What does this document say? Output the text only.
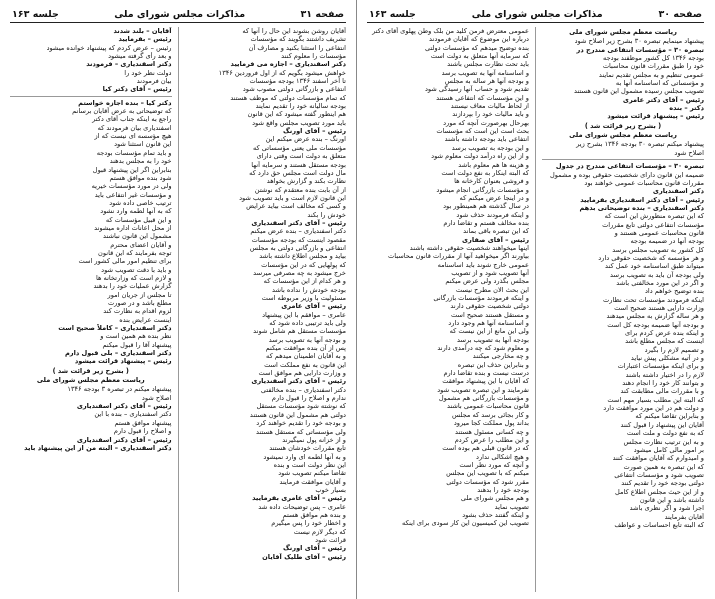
صفحه ۳۱
مذاکرات مجلس شورای ملی
جلسه ۱۶۳
آقایان روشن بشوند این حال را آنها که
تشریف داشتند بگویند که مؤسسات
انتفاعی را استثنا بکنید و مصارف آن
مؤسسات را معلوم کنند
دکتر اسفندیاری – اجازه می فرمایید
خواهش میشود بگویم که از اول فروردین ۱۳۴۶
تا آخر اسفند ۱۳۴۶ بودجه مؤسسات
انتفاعی و بازرگانی دولتی مصوب شود
که تمام مؤسسات دولتی که موظف هستند
بودجه سالیانه خود را تقدیم نمایند
هم اینطور گفته میشود که این قانون
باید مورد تصویب مجلس واقع شود
رئیس – آقای اورنگ
اورنگ – بنده عرض میکنم این
مؤسسات ملی یعنی مؤسساتی که
متعلق به دولت است وقتی دارای
بودجه مستقل هستند و سرمایه آنها
مال دولت است مجلس حق دارد که
نظارت بکند و گزارش بخواهد
از آن بابت بنده معتقدم که نوشتن
این قانون لازم است و باید تصویب شود
و کسی که مخالف است بیاید عرایض
خودش را بکند
رئیس – آقای دکتر اسفندیاری
دکتر اسفندیاری – بنده عرض میکنم
مقصود اینست که بودجه مؤسسات
انتفاعی و بازرگانی دولتی به مجلس
بیاید و مجلس اطلاع داشته باشد
که پولهایی که در این مؤسسات
خرج میشود به چه مصرفی میرسد
و هر کدام از این مؤسسات که
بودجه خودش را نداده باشد
مسئولیت با وزیر مربوطه است
رئیس – آقای عامری
عامری – موافقم با این پیشنهاد
ولی باید ترتیبی داده شود که
مؤسسات مستقل هم شامل شوند
و بودجه آنها به تصویب برسد
پس از آن بنده موافقت میکنم
و به آقایان اطمینان میدهم که
این قانون به نفع مملکت است
و وزارت دارایی هم موافق است
رئیس – آقای دکتر اسفندیاری
دکتر اسفندیاری – بنده مخالفتی
ندارم و اصلاح را قبول دارم
که نوشته شود مؤسسات مستقل
دولتی هم مشمول این قانون هستند
و بودجه خود را تقدیم خواهند کرد
ولی مؤسساتی که مستقل هستند
و از خزانه پول نمیگیرند
تابع مقررات خودشان هستند
و به آنها لطمه ای وارد نمیشود
این نظر دولت است و بنده
تقاضا میکنم تصویب شود
و آقایان موافقت فرمایند
بسیار خوب
رئیس – آقای عامری بفرمایید
عامری – پس توضیحات داده شد
و بنده هم موافق هستم
و اخطار خود را پس میگیرم
که دیگر لازم نیست
قرائت شود
رئیس – آقای اورنگ
رئیس – آقای طلیک آقایان
آقایان – بلند شدند
رئیس – بفرمایید
رئیس – عرض کردم که پیشنهاد خوانده میشود
و بعد رأی گرفته میشود
دکتر اسفندیاری – فرمودند
دولت نظر خود را
بیان فرمودند
رئیس – آقای دکتر کیا
دکتر کیا – بنده اجازه خواستم
که توضیحاتی به عرض آقایان برسانم
راجع به اینکه جناب آقای دکتر
اسفندیاری بیان فرمودند که
هیچ مؤسسه ای نیست که از
این قانون استثنا شود
و باید تمام مؤسسات بودجه
خود را به مجلس بدهند
بنابراین اگر این پیشنهاد قبول
شود بنده موافق هستم
ولی در مورد مؤسسات خیریه
و مؤسسات غیر انتفاعی باید
ترتیب خاصی داده شود
که به آنها لطمه وارد نشود
و این قبیل مؤسسات که
از محل اعانات اداره میشوند
مشمول این قانون نباشند
و آقایان اعضای محترم
توجه بفرمایند که این قانون
برای تنظیم امور مالی کشور است
و باید با دقت تصویب شود
و لازم است که وزارتخانه ها
گزارش عملیات خود را بدهند
تا مجلس از جریان امور
مطلع باشد و در صورت
لزوم اقدام به نظارت کند
اینست عرایض بنده
دکتر اسفندیاری – کاملاً صحیح است
نظر بنده هم همین است و
پیشنهاد آقا را قبول میکنم
دکتر اسفندیاری – بلی قبول دارم
رئیس – پیشنهاد قرائت میشود
( بشرح زیر قرائت شد )
ریاست معظم مجلس شورای ملی
پیشنهاد میکنم در تبصره ۳ بودجه ۱۳۴۶
اصلاح شود
رئیس – آقای دکتر اسفندیاری
دکتر اسفندیاری – بنده با این
پیشنهاد موافق هستم
و اصلاح را قبول دارم
رئیس – آقای دکتر اسفندیاری
دکتر اسفندیاری – البته من از این پیشنهاد باید
صفحه ۳۰
مذاکرات مجلس شورای ملی
جلسه ۱۶۳
ریاست معظم مجلس شورای ملی
پیشنهاد مینمایم تبصره ۳۰ بشرح زیر اصلاح شود
تبصره ۳۰ – مؤسسات انتفاعی مندرج در
بودجه ۱۳۴۶ کل کشور موظفند بودجه
خود را طبق مقررات قانون محاسبات
عمومی تنظیم و به مجلس تقدیم نمایند
و مؤسساتی که اساسنامه آنها به
تصویب مجلس رسیده مشمول این قانون هستند
رئیس – آقای دکتر عامری
دکتر – بنده
رئیس – پیشنهاد قرائت میشود
( بشرح زیر قرائت شد )
ریاست معظم مجلس شورای ملی
پیشنهاد میکنم تبصره ۳۰ بودجه ۱۳۴۶ بشرح زیر
اصلاح شود
تبصره ۳۰ – مؤسسات انتفاعی مندرج در جدول
ضمیمه این قانون دارای شخصیت حقوقی بوده و مشمول
مقررات قانون محاسبات عمومی خواهند بود
دکتر اسفندیاری
رئیس – آقای دکتر اسفندیاری بفرمایید
دکتر اسفندیاری – بنده توضیحاتی بدهم
که این تبصره منظورش این است که
مؤسسات انتفاعی دولتی تابع مقررات
قانون محاسبات عمومی هستند و
بودجه آنها در ضمیمه بودجه
کل کشور به تصویب مجلس برسد
و هر مؤسسه که شخصیت حقوقی دارد
میتواند طبق اساسنامه خود عمل کند
ولی بودجه آن باید به تصویب برسد
و اگر در این مورد مخالفتی باشد
بنده توضیح خواهم داد
اینکه فرمودند مؤسسات تحت نظارت
وزارت دارایی هستند صحیح است
و هر ساله گزارش به مجلس میدهند
و بودجه آنها ضمیمه بودجه کل است
و اینکه بنده عرض کردم برای
اینست که مجلس مطلع باشد
و تصمیم لازم را بگیرد
و در آتیه مشکلی پیش نیاید
و برای اینکه مؤسسات اعتبارات
لازم را در اختیار داشته باشند
و بتوانند کار خود را انجام دهند
و با مقررات مالی مطابقت کند
که البته این مطلب بسیار مهم است
و دولت هم در این مورد موافقت دارد
و بنابراین تقاضا میکنم که
آقایان این پیشنهاد را قبول کنند
که به نفع دولت و ملت است
و به این ترتیب نظارت مجلس
بر امور مالی کامل میشود
و امیدوارم که آقایان موافقت کنند
که این تبصره به همین صورت
تصویب شود و مؤسسات انتفاعی
دولتی بودجه خود را تقدیم کنند
و از این حیث مجلس اطلاع کامل
داشته باشد و این قانون
اجرا شود و اگر نظری باشد
آقایان بفرمایند
که البته تابع احساسات و عواطف
عمومی معترض فرمن کلید من بلک وطن پهلوی آقای دکتر
درباره این موضوع که آقایان فرمودند
بنده توضیح میدهم که مؤسسات دولتی
که سرمایه آنها متعلق به دولت است
باید تحت نظارت مجلس باشند
و اساسنامه آنها به تصویب برسد
و بودجه آنها هر ساله به مجلس
تقدیم شود و حساب آنها رسیدگی شود
و این مؤسسات که انتفاعی هستند
از لحاظ مالیات معاف نیستند
و باید مالیات خود را بپردازند
بهرحال بهرصورت آنچه که مورد
بحث است این است که مؤسسات
انتفاعی باید بودجه داشته باشند
و این بودجه به تصویب برسد
و از این راه درآمد دولت معلوم شود
و هزینه ها هم معلوم باشد
که البته اینکار به نفع دولت است
و فروشی بعنوان کارخانه ها
و مؤسسات بازرگانی انجام میشود
و در اینجا عرض میکنم که
در سال گذشته هم همینطور بود
و اینکه فرمودند حذف شود
بنده مخالف هستم و تقاضا دارم
که این تبصره باقی بماند
رئیس – آقای صفاری
اینها میخواهند شخصیت حقوقی داشته باشند
بیاورند اگر میخواهید آنها از مقررات قانون محاسبات
عمومی خارج شوند باید اساسنامه
آنها تصویب شود و از تصویب
مجلس بگذرد ولی عرض میکنم
این بحث الان مطرح نیست
و اینکه فرمودند مؤسسات بازرگانی
دولتی شخصیت حقوقی دارند
و مستقل هستند صحیح است
و اساسنامه آنها هم وجود دارد
ولی این مانع از این نیست که
بودجه آنها به تصویب برسد
و معلوم شود که چه درآمدی دارند
و چه مخارجی میکنند
و بنابراین حذف این تبصره
درست نیست و بنده تقاضا دارم
که آقایان با این پیشنهاد موافقت
نفرمایند و این تبصره تصویب شود
و مؤسسات بازرگانی هم مشمول
قانون محاسبات عمومی باشند
و کار بجائی برسد که مجلس
بداند پول مملکت کجا میرود
و چه کسانی مسئول هستند
و این مطلب را عرض کردم
که در قانون قبلی هم بوده است
و هیچ اشکالی ندارد
و آنچه که مورد نظر است
میکنم که با تصویب این مجلس
مقرر شود که مؤسسات دولتی
بودجه خود را بدهند
و هم مجلس شورای ملی
تصویب نماید
و اینکه گفتند حذف بشود
تصویب این کمیسیون این کار سودی برای اینکه
